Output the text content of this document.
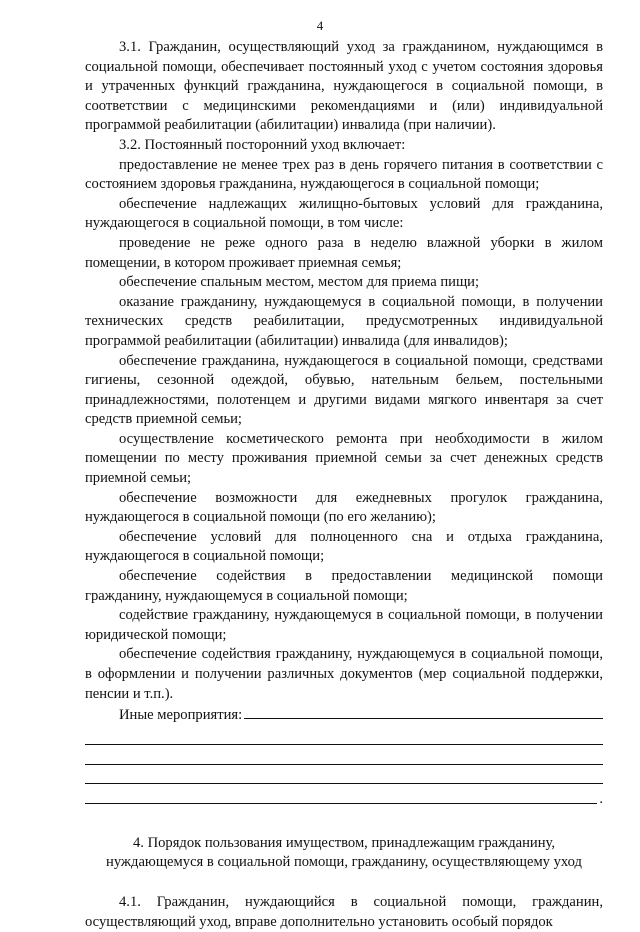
4

3.1. Гражданин, осуществляющий уход за гражданином, нуждающимся в социальной помощи, обеспечивает постоянный уход с учетом состояния здоровья и утраченных функций гражданина, нуждающегося в социальной помощи, в соответствии с медицинскими рекомендациями и (или) индивидуальной программой реабилитации (абилитации) инвалида (при наличии).

3.2. Постоянный посторонний уход включает:

предоставление не менее трех раз в день горячего питания в соответствии с состоянием здоровья гражданина, нуждающегося в социальной помощи;

обеспечение надлежащих жилищно-бытовых условий для гражданина, нуждающегося в социальной помощи, в том числе:

проведение не реже одного раза в неделю влажной уборки в жилом помещении, в котором проживает приемная семья;

обеспечение спальным местом, местом для приема пищи;

оказание гражданину, нуждающемуся в социальной помощи, в получении технических средств реабилитации, предусмотренных индивидуальной программой реабилитации (абилитации) инвалида (для инвалидов);

обеспечение гражданина, нуждающегося в социальной помощи, средствами гигиены, сезонной одеждой, обувью, нательным бельем, постельными принадлежностями, полотенцем и другими видами мягкого инвентаря за счет средств приемной семьи;

осуществление косметического ремонта при необходимости в жилом помещении по месту проживания приемной семьи за счет денежных средств приемной семьи;

обеспечение возможности для ежедневных прогулок гражданина, нуждающегося в социальной помощи (по его желанию);

обеспечение условий для полноценного сна и отдыха гражданина, нуждающегося в социальной помощи;

обеспечение содействия в предоставлении медицинской помощи гражданину, нуждающемуся в социальной помощи;

содействие гражданину, нуждающемуся в социальной помощи, в получении юридической помощи;

обеспечение содействия гражданину, нуждающемуся в социальной помощи, в оформлении и получении различных документов (мер социальной поддержки, пенсии и т.п.).

Иные мероприятия:
.
4. Порядок пользования имуществом, принадлежащим гражданину,
нуждающемуся в социальной помощи, гражданину, осуществляющему уход

4.1. Гражданин, нуждающийся в социальной помощи, гражданин, осуществляющий уход, вправе дополнительно установить особый порядок
